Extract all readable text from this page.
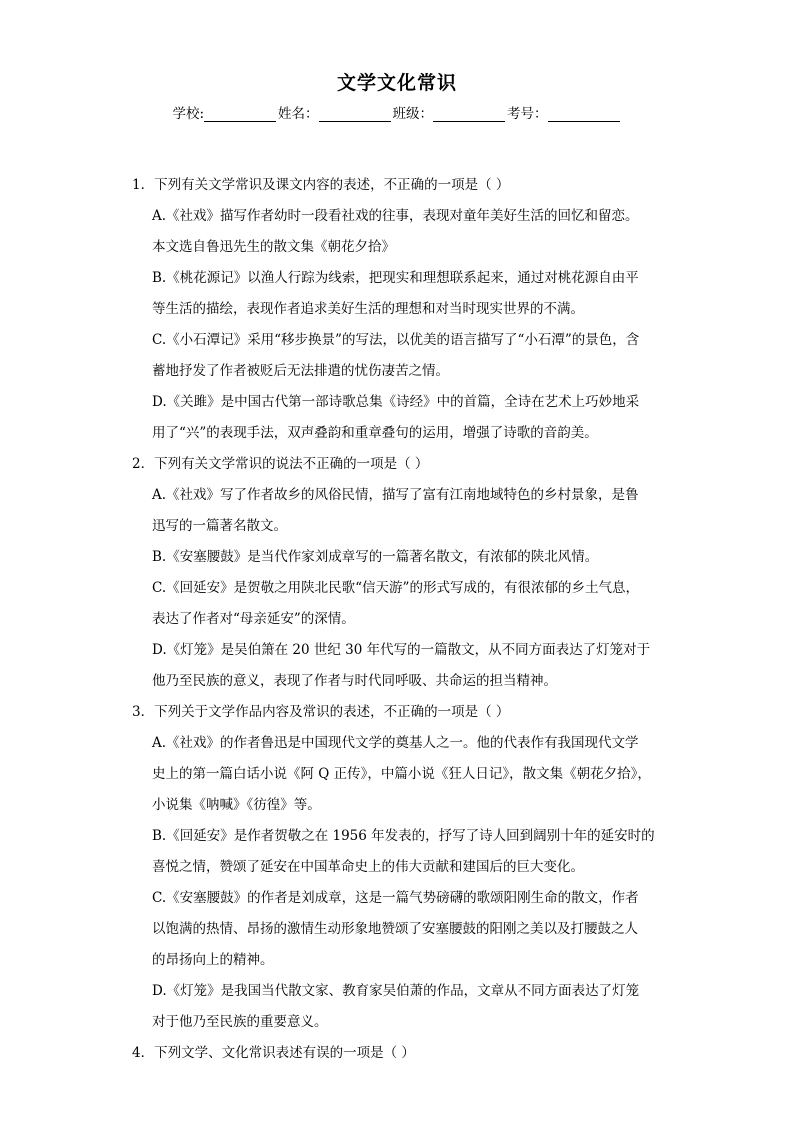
文学文化常识
学校:	姓名：	班级：	考号：
1．下列有关文学常识及课文内容的表述，不正确的一项是（ ）
A.《社戏》描写作者幼时一段看社戏的往事，表现对童年美好生活的回忆和留恋。
本文选自鲁迅先生的散文集《朝花夕拾》
B.《桃花源记》以渔人行踪为线索，把现实和理想联系起来，通过对桃花源自由平
等生活的描绘，表现作者追求美好生活的理想和对当时现实世界的不满。
C.《小石潭记》采用“移步换景”的写法，以优美的语言描写了“小石潭”的景色，含
蓄地抒发了作者被贬后无法排遣的忧伤凄苦之情。
D.《关雎》是中国古代第一部诗歌总集《诗经》中的首篇，全诗在艺术上巧妙地采
用了“兴”的表现手法，双声叠韵和重章叠句的运用，增强了诗歌的音韵美。
2．下列有关文学常识的说法不正确的一项是（ ）
A.《社戏》写了作者故乡的风俗民情，描写了富有江南地域特色的乡村景象，是鲁
迅写的一篇著名散文。
B.《安塞腰鼓》是当代作家刘成章写的一篇著名散文，有浓郁的陕北风情。
C.《回延安》是贺敬之用陕北民歌“信天游”的形式写成的，有很浓郁的乡土气息，
表达了作者对“母亲延安”的深情。
D.《灯笼》是吴伯箫在 20 世纪 30 年代写的一篇散文，从不同方面表达了灯笼对于
他乃至民族的意义，表现了作者与时代同呼吸、共命运的担当精神。
3．下列关于文学作品内容及常识的表述，不正确的一项是（ ）
A.《社戏》的作者鲁迅是中国现代文学的奠基人之一。他的代表作有我国现代文学
史上的第一篇白话小说《阿 Q 正传》，中篇小说《狂人日记》，散文集《朝花夕拾》，
小说集《呐喊》《彷徨》等。
B.《回延安》是作者贺敬之在 1956 年发表的，抒写了诗人回到阔别十年的延安时的
喜悦之情，赞颂了延安在中国革命史上的伟大贡献和建国后的巨大变化。
C.《安塞腰鼓》的作者是刘成章，这是一篇气势磅礴的歌颂阳刚生命的散文，作者
以饱满的热情、昂扬的激情生动形象地赞颂了安塞腰鼓的阳刚之美以及打腰鼓之人
的昂扬向上的精神。
D.《灯笼》是我国当代散文家、教育家吴伯萧的作品，文章从不同方面表达了灯笼
对于他乃至民族的重要意义。
4．下列文学、文化常识表述有误的一项是（ ）
